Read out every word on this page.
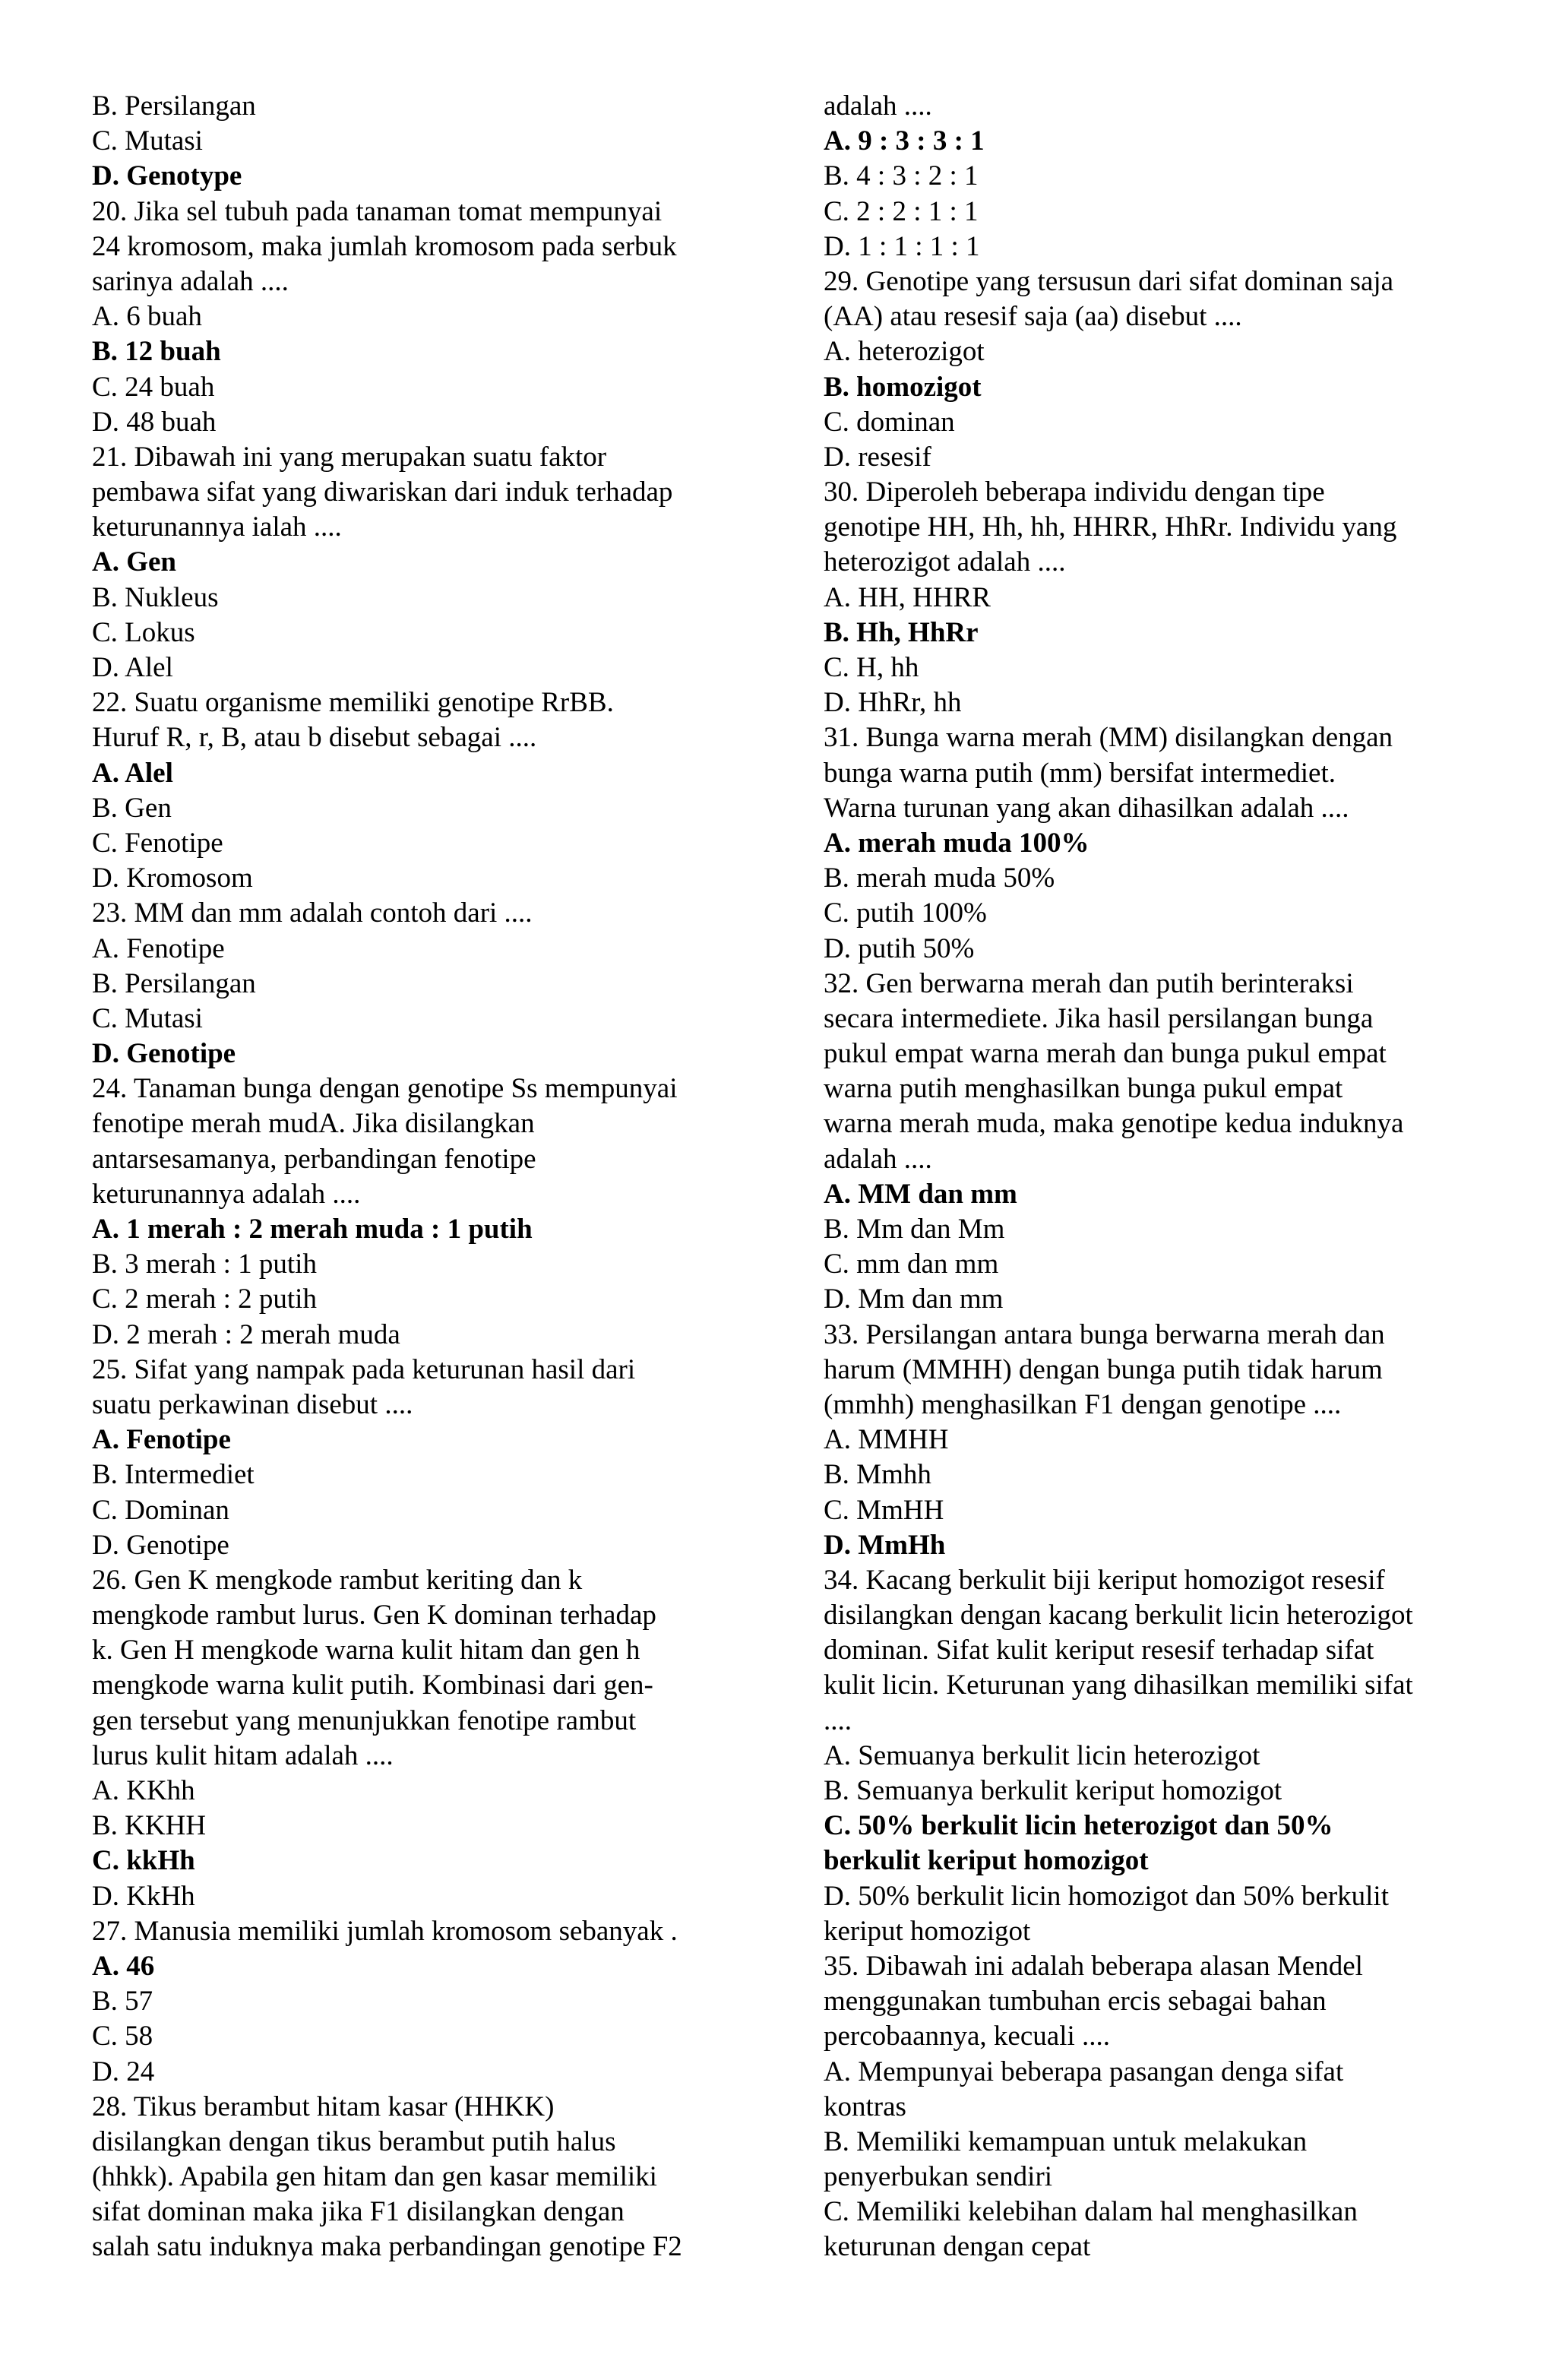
B. Persilangan
C. Mutasi
D. Genotype
20. Jika sel tubuh pada tanaman tomat mempunyai
24 kromosom, maka jumlah kromosom pada serbuk
sarinya adalah ....
A. 6 buah
B. 12 buah
C. 24 buah
D. 48 buah
21. Dibawah ini yang merupakan suatu faktor
pembawa sifat yang diwariskan dari induk terhadap
keturunannya ialah ....
A. Gen
B. Nukleus
C. Lokus
D. Alel
22. Suatu organisme memiliki genotipe RrBB.
Huruf R, r, B, atau b disebut sebagai ....
A. Alel
B. Gen
C. Fenotipe
D. Kromosom
23. MM dan mm adalah contoh dari ....
A. Fenotipe
B. Persilangan
C. Mutasi
D. Genotipe
24. Tanaman bunga dengan genotipe Ss mempunyai
fenotipe merah mudA. Jika disilangkan
antarsesamanya, perbandingan fenotipe
keturunannya adalah ....
A. 1 merah : 2 merah muda : 1 putih
B. 3 merah : 1 putih
C. 2 merah : 2 putih
D. 2 merah : 2 merah muda
25. Sifat yang nampak pada keturunan hasil dari
suatu perkawinan disebut ....
A. Fenotipe
B. Intermediet
C. Dominan
D. Genotipe
26. Gen K mengkode rambut keriting dan k
mengkode rambut lurus. Gen K dominan terhadap
k. Gen H mengkode warna kulit hitam dan gen h
mengkode warna kulit putih. Kombinasi dari gen-
gen tersebut yang menunjukkan fenotipe rambut
lurus kulit hitam adalah ....
A. KKhh
B. KKHH
C. kkHh
D. KkHh
27. Manusia memiliki jumlah kromosom sebanyak .
A. 46
B. 57
C. 58
D. 24
28. Tikus berambut hitam kasar (HHKK)
disilangkan dengan tikus berambut putih halus
(hhkk). Apabila gen hitam dan gen kasar memiliki
sifat dominan maka jika F1 disilangkan dengan
salah satu induknya maka perbandingan genotipe F2
adalah ....
A. 9 : 3 : 3 : 1
B. 4 : 3 : 2 : 1
C. 2 : 2 : 1 : 1
D. 1 : 1 : 1 : 1
29. Genotipe yang tersusun dari sifat dominan saja
(AA) atau resesif saja (aa) disebut ....
A. heterozigot
B. homozigot
C. dominan
D. resesif
30. Diperoleh beberapa individu dengan tipe
genotipe HH, Hh, hh, HHRR, HhRr. Individu yang
heterozigot adalah ....
A. HH, HHRR
B. Hh, HhRr
C. H, hh
D. HhRr, hh
31. Bunga warna merah (MM) disilangkan dengan
bunga warna putih (mm) bersifat intermediet.
Warna turunan yang akan dihasilkan adalah ....
A. merah muda 100%
B. merah muda 50%
C. putih 100%
D. putih 50%
32. Gen berwarna merah dan putih berinteraksi
secara intermediete. Jika hasil persilangan bunga
pukul empat warna merah dan bunga pukul empat
warna putih menghasilkan bunga pukul empat
warna merah muda, maka genotipe kedua induknya
adalah ....
A. MM dan mm
B. Mm dan Mm
C. mm dan mm
D. Mm dan mm
33. Persilangan antara bunga berwarna merah dan
harum (MMHH) dengan bunga putih tidak harum
(mmhh) menghasilkan F1 dengan genotipe ....
A. MMHH
B. Mmhh
C. MmHH
D. MmHh
34. Kacang berkulit biji keriput homozigot resesif
disilangkan dengan kacang berkulit licin heterozigot
dominan. Sifat kulit keriput resesif terhadap sifat
kulit licin. Keturunan yang dihasilkan memiliki sifat
....
A. Semuanya berkulit licin heterozigot
B. Semuanya berkulit keriput homozigot
C. 50% berkulit licin heterozigot dan 50%
berkulit keriput homozigot
D. 50% berkulit licin homozigot dan 50% berkulit
keriput homozigot
35. Dibawah ini adalah beberapa alasan Mendel
menggunakan tumbuhan ercis sebagai bahan
percobaannya, kecuali ....
A. Mempunyai beberapa pasangan denga sifat
kontras
B. Memiliki kemampuan untuk melakukan
penyerbukan sendiri
C. Memiliki kelebihan dalam hal menghasilkan
keturunan dengan cepat
